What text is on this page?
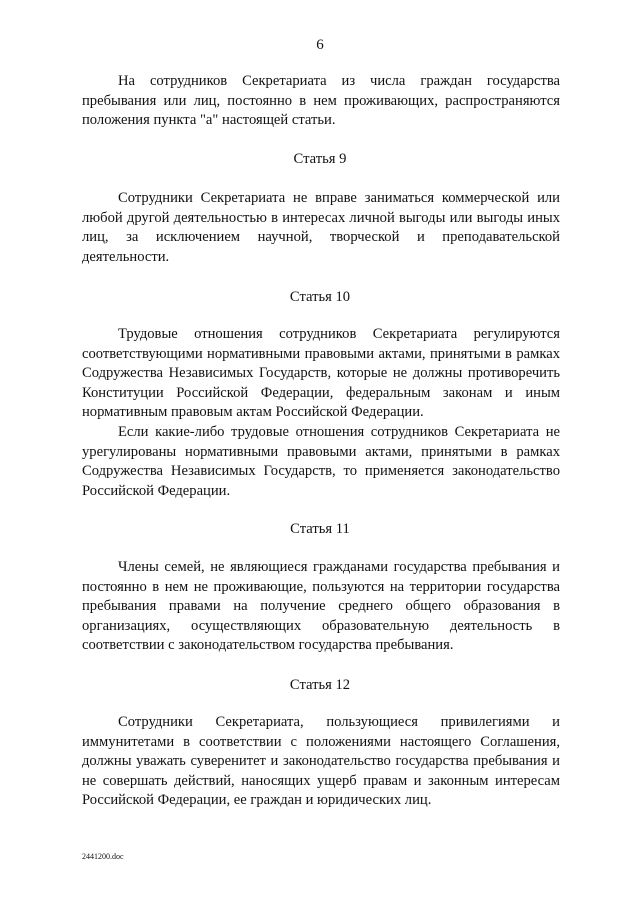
6

На сотрудников Секретариата из числа граждан государства пребывания или лиц, постоянно в нем проживающих, распространяются положения пункта "а" настоящей статьи.

Статья 9

Сотрудники Секретариата не вправе заниматься коммерческой или любой другой деятельностью в интересах личной выгоды или выгоды иных лиц, за исключением научной, творческой и преподавательской деятельности.

Статья 10

Трудовые отношения сотрудников Секретариата регулируются соответствующими нормативными правовыми актами, принятыми в рамках Содружества Независимых Государств, которые не должны противоречить Конституции Российской Федерации, федеральным законам и иным нормативным правовым актам Российской Федерации.

Если какие-либо трудовые отношения сотрудников Секретариата не урегулированы нормативными правовыми актами, принятыми в рамках Содружества Независимых Государств, то применяется законодательство Российской Федерации.

Статья 11

Члены семей, не являющиеся гражданами государства пребывания и постоянно в нем не проживающие, пользуются на территории государства пребывания правами на получение среднего общего образования в организациях, осуществляющих образовательную деятельность в соответствии с законодательством государства пребывания.

Статья 12

Сотрудники Секретариата, пользующиеся привилегиями и иммунитетами в соответствии с положениями настоящего Соглашения, должны уважать суверенитет и законодательство государства пребывания и не совершать действий, наносящих ущерб правам и законным интересам Российской Федерации, ее граждан и юридических лиц.

2441200.doc
